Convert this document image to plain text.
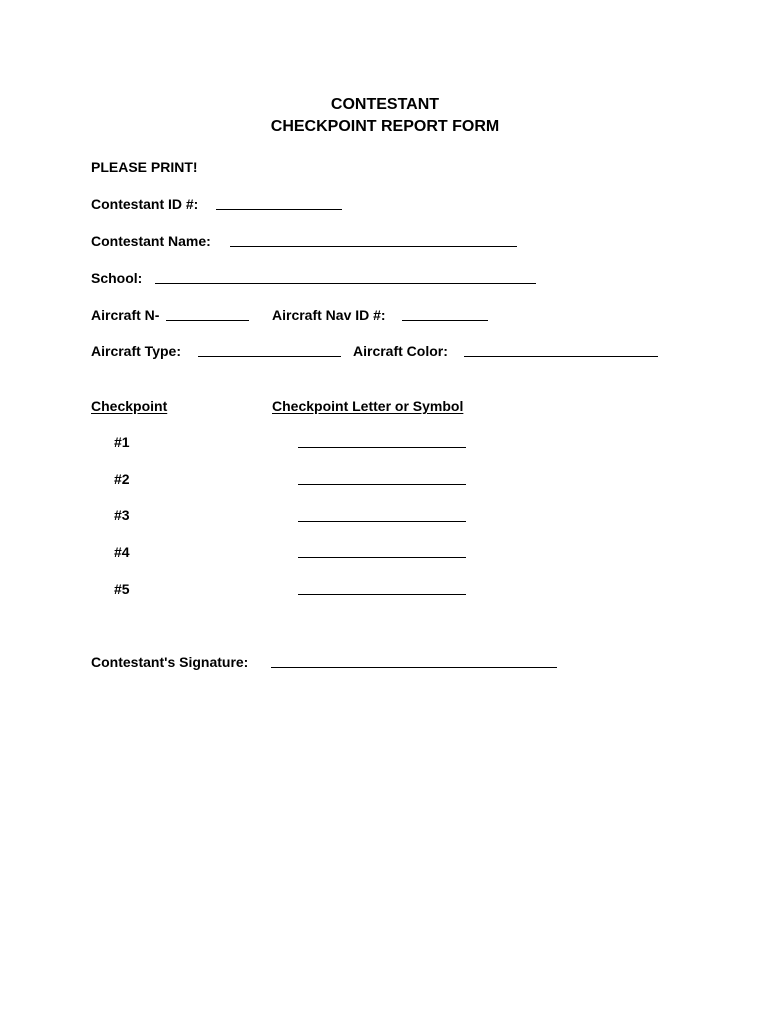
CONTESTANT
CHECKPOINT REPORT FORM
PLEASE PRINT!
Contestant ID #:
Contestant Name:
School:
Aircraft N-	Aircraft Nav ID #:
Aircraft Type:	Aircraft Color:
Checkpoint	Checkpoint Letter or Symbol
#1
#2
#3
#4
#5
Contestant's Signature:
